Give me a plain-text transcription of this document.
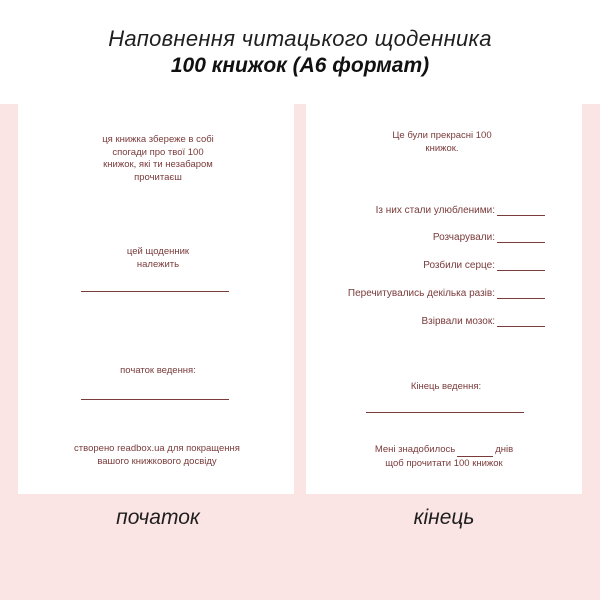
Наповнення читацького щоденника
100 книжок (А6 формат)
ця книжка збереже в собі спогади про твої 100 книжок, які ти незабаром прочитаєш
цей щоденник належить
початок ведення:
створено readbox.ua для покращення вашого книжкового досвіду
Це були прекрасні 100 книжок.
Із них стали улюбленими:
Розчарували:
Розбили серце:
Перечитувались декілька разів:
Взірвали мозок:
Кінець ведення:
Мені знадобилось	днів
щоб прочитати 100 книжок
початок	кінець
